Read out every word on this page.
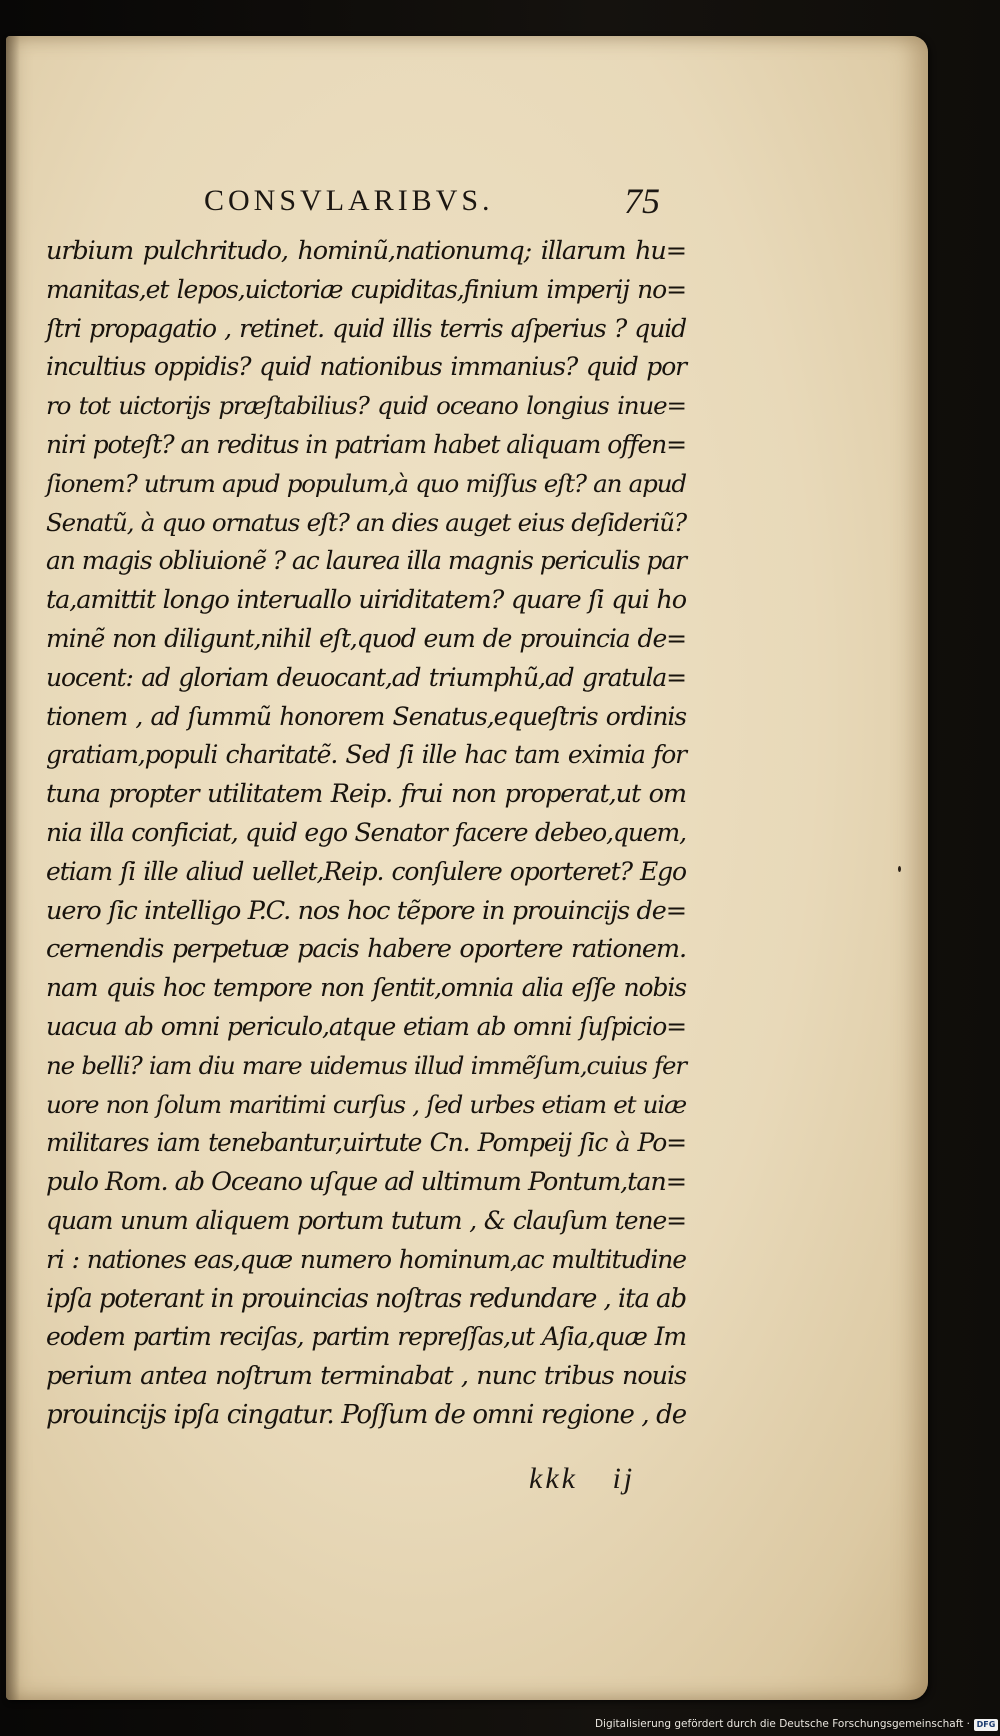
CONSVLARIBVS.	75
urbium pulchritudo, hominũ,nationumq; illarum hu=
manitas,et lepos,uictoriæ cupiditas,finium imperij no=
ſtri propagatio , retinet. quid illis terris aſperius ? quid
incultius oppidis? quid nationibus immanius? quid por
ro tot uictorijs præſtabilius? quid oceano longius inue=
niri poteſt? an reditus in patriam habet aliquam offen=
ſionem? utrum apud populum,à quo miſſus eſt? an apud
Senatũ, à quo ornatus eſt? an dies auget eius deſideriũ?
an magis obliuionẽ ? ac laurea illa magnis periculis par
ta,amittit longo interuallo uiriditatem? quare ſi qui ho
minẽ non diligunt,nihil eſt,quod eum de prouincia de=
uocent: ad gloriam deuocant,ad triumphũ,ad gratula=
tionem , ad ſummũ honorem Senatus,equeſtris ordinis
gratiam,populi charitatẽ. Sed ſi ille hac tam eximia for
tuna propter utilitatem Reip. frui non properat,ut om
nia illa conficiat, quid ego Senator facere debeo,quem,
etiam ſi ille aliud uellet,Reip. conſulere oporteret? Ego
uero ſic intelligo P.C. nos hoc tẽpore in prouincijs de=
cernendis perpetuæ pacis habere oportere rationem.
nam quis hoc tempore non ſentit,omnia alia eſſe nobis
uacua ab omni periculo,atque etiam ab omni ſuſpicio=
ne belli? iam diu mare uidemus illud immẽſum,cuius fer
uore non ſolum maritimi curſus , ſed urbes etiam et uiæ
militares iam tenebantur,uirtute Cn. Pompeij ſic à Po=
pulo Rom. ab Oceano uſque ad ultimum Pontum,tan=
quam unum aliquem portum tutum , & clauſum tene=
ri : nationes eas,quæ numero hominum,ac multitudine
ipſa poterant in prouincias noſtras redundare , ita ab
eodem partim reciſas, partim repreſſas,ut Aſia,quæ Im
perium antea noſtrum terminabat , nunc tribus nouis
prouincijs ipſa cingatur. Poſſum de omni regione , de
kkk ij
Digitalisierung gefördert durch die Deutsche Forschungsgemeinschaft · DFG
